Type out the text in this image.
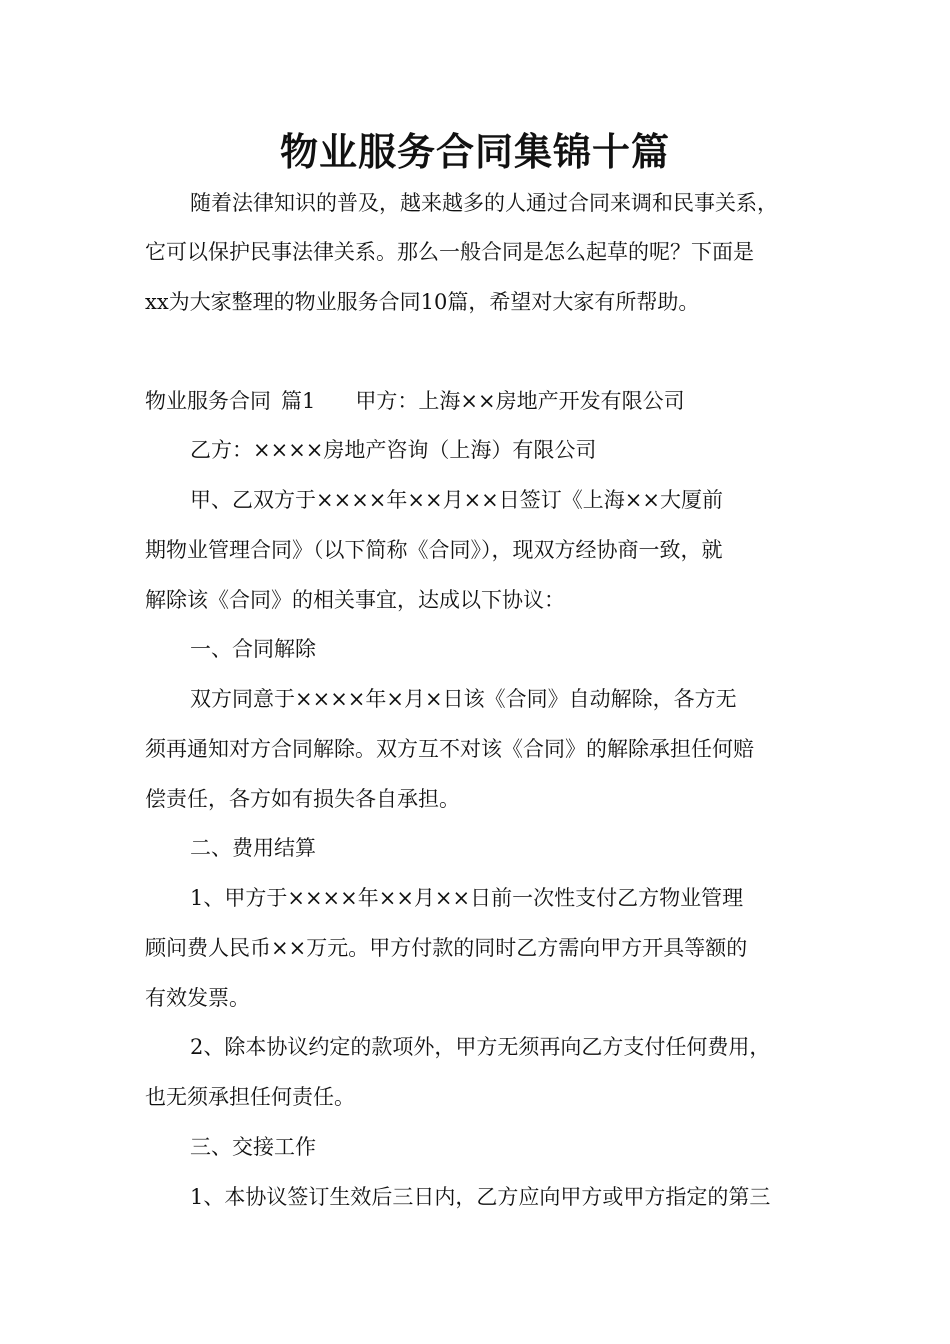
物业服务合同集锦十篇
随着法律知识的普及，越来越多的人通过合同来调和民事关系，
它可以保护民事法律关系。那么一般合同是怎么起草的呢？下面是
xx为大家整理的物业服务合同10篇，希望对大家有所帮助。
物业服务合同 篇1 甲方：上海××房地产开发有限公司
乙方：××××房地产咨询（上海）有限公司
甲、乙双方于××××年××月××日签订《上海××大厦前
期物业管理合同》（以下简称《合同》），现双方经协商一致，就
解除该《合同》的相关事宜，达成以下协议：
一、合同解除
双方同意于××××年×月×日该《合同》自动解除，各方无
须再通知对方合同解除。双方互不对该《合同》的解除承担任何赔
偿责任，各方如有损失各自承担。
二、费用结算
1、甲方于××××年××月××日前一次性支付乙方物业管理
顾问费人民币××万元。甲方付款的同时乙方需向甲方开具等额的
有效发票。
2、除本协议约定的款项外，甲方无须再向乙方支付任何费用，
也无须承担任何责任。
三、交接工作
1、本协议签订生效后三日内，乙方应向甲方或甲方指定的第三
